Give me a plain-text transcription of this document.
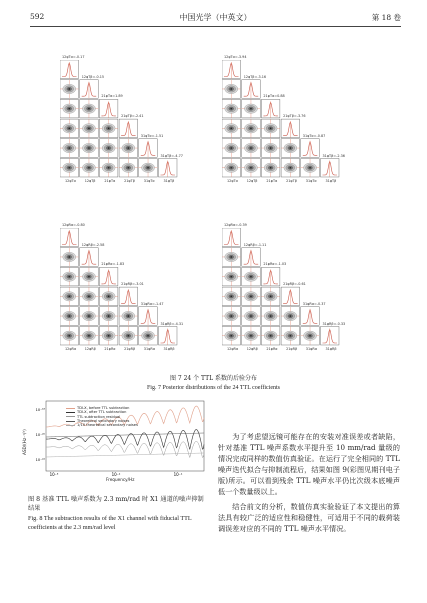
592	中国光学（中英文）	第 18 卷
12φTα=-0.17
12φTβ=-0.15
21φTα=1.89
21φTβ=-2.41
31φTα=-1.51
31φTβ=-4.77
12φTα	12φTβ	21φTα	21φTβ	31φTα	31φTβ
12φTα=-3.94
12φTβ=-3.16
21φTα=0.88
21φTβ=-3.76
31φTα=-0.87
31φTβ=-2.36
12φTα	12φTβ	21φTα	21φTβ	31φTα	31φTβ
12φRα=-0.80
12φRβ=-2.58
21φRα=-1.83
21φRβ=-3.01
31φRα=-1.47
31φRβ=-4.31
12φRα	12φRβ	21φRα	21φRβ	31φRα	31φRβ
12φRα=-0.39
12φRβ=-1.11
21φRα=-1.03
21φRβ=-0.61
31φRα=-0.37
31φRβ=-0.33
12φRα	12φRβ	21φRα	21φRβ	31φRα	31φRβ
图 7 24 个 TTL 系数的后验分布
Fig. 7 Posterior distributions of the 24 TTL coefficients
10⁻³	10⁻²	10⁻¹
10⁻¹⁸
10⁻²⁰
10⁻²²
TDI-X, before TTL subtraction
TDI-X, after TTL subtraction
TTL subtraction residual
Theoretical secondary noises
1/10 theoretical secondary noises
Frequency/Hz
ASD/(Hz⁻¹/²)
图 8 基准 TTL 噪声系数为 2.3 mm/rad 时 X1 通道的噪声抑制结果
Fig. 8 The subtraction results of the X1 channel with fiducial TTL coefficients at the 2.3 mm/rad level

为了考虑望远镜可能存在的安装对准误差或者缺陷，针对基准 TTL 噪声系数水平提升至 10 mm/rad 量级的情况完成同样的数值仿真验证。在运行了完全相同的 TTL 噪声迭代拟合与抑制流程后，结果如图 9(彩图见期刊电子版)所示。可以看到残余 TTL 噪声水平仍比次级本底噪声低一个数量级以上。

结合前文的分析，数值仿真实验验证了本文提出的算法具有较广泛的适应性和稳健性，可适用于不同的载荷装调误差对应的不同的 TTL 噪声水平情况。
